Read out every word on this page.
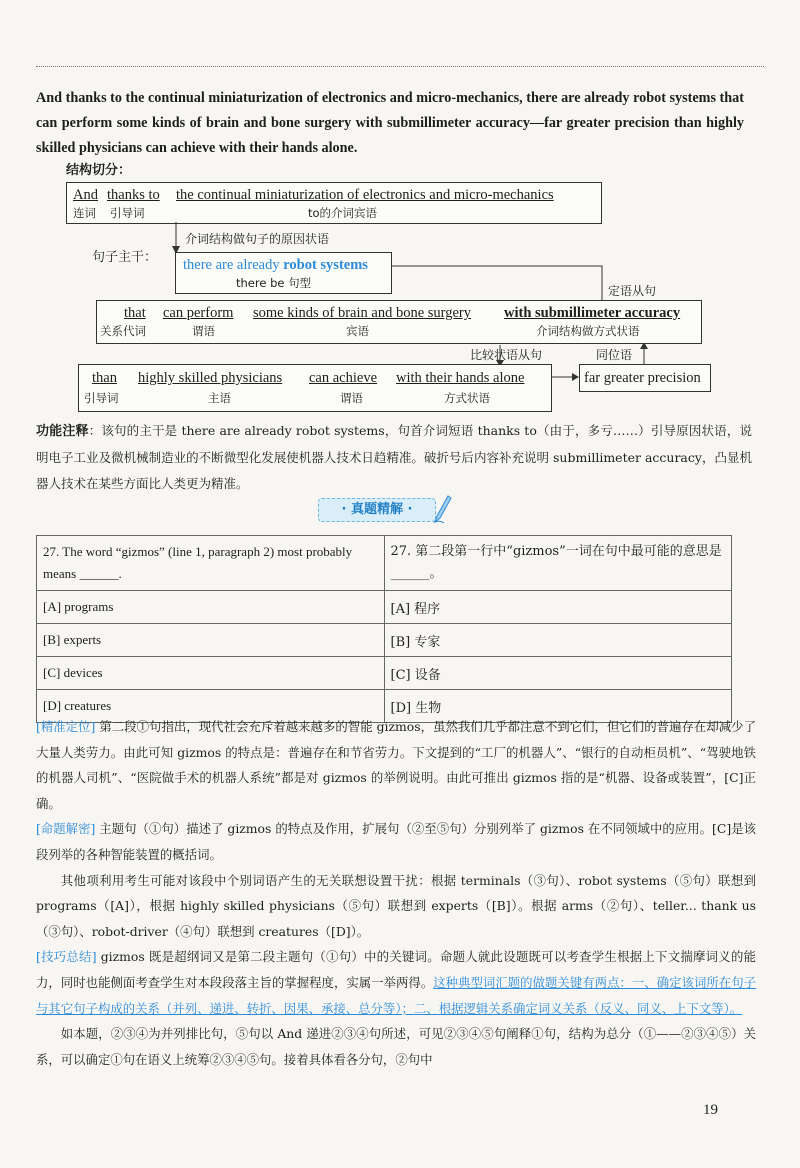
And thanks to the continual miniaturization of electronics and micro-mechanics, there are already robot systems that can perform some kinds of brain and bone surgery with submillimeter accuracy—far greater precision than highly skilled physicians can achieve with their hands alone.
结构切分：
And
连词
thanks to
引导词
the continual miniaturization of electronics and micro-mechanics
to的介词宾语
介词结构做句子的原因状语
句子主干： there are already robot systems
there be 句型
定语从句
that
关系代词
can perform
谓语
some kinds of brain and bone surgery
宾语
with submillimeter accuracy
介词结构做方式状语
比较状语从句	同位语
than
引导词
highly skilled physicians
主语
can achieve
谓语
with their hands alone
方式状语
far greater precision
功能注释：该句的主干是 there are already robot systems，句首介词短语 thanks to（由于，多亏……）引导原因状语，说明电子工业及微机械制造业的不断微型化发展使机器人技术日趋精准。破折号后内容补充说明 submillimeter accuracy，凸显机器人技术在某些方面比人类更为精准。
· 真题精解 ·
27. The word “gizmos” (line 1, paragraph 2) most probably means ______.	27. 第二段第一行中“gizmos”一词在句中最可能的意思是______。
[A] programs	[A] 程序
[B] experts	[B] 专家
[C] devices	[C] 设备
[D] creatures	[D] 生物
[精准定位] 第二段①句指出，现代社会充斥着越来越多的智能 gizmos，虽然我们几乎都注意不到它们，但它们的普遍存在却减少了大量人类劳力。由此可知 gizmos 的特点是：普遍存在和节省劳力。下文提到的“工厂的机器人”、“银行的自动柜员机”、“驾驶地铁的机器人司机”、“医院做手术的机器人系统”都是对 gizmos 的举例说明。由此可推出 gizmos 指的是“机器、设备或装置”，[C]正确。
[命题解密] 主题句（①句）描述了 gizmos 的特点及作用，扩展句（②至⑤句）分别列举了 gizmos 在不同领域中的应用。[C]是该段列举的各种智能装置的概括词。
其他项利用考生可能对该段中个别词语产生的无关联想设置干扰：根据 terminals（③句）、robot systems（⑤句）联想到 programs（[A]），根据 highly skilled physicians（⑤句）联想到 experts（[B]）。根据 arms（②句）、teller... thank us（③句）、robot-driver（④句）联想到 creatures（[D]）。
[技巧总结] gizmos 既是超纲词又是第二段主题句（①句）中的关键词。命题人就此设题既可以考查学生根据上下文揣摩词义的能力，同时也能侧面考查学生对本段段落主旨的掌握程度，实属一举两得。这种典型词汇题的做题关键有两点：一、确定该词所在句子与其它句子构成的关系（并列、递进、转折、因果、承接、总分等）；二、根据逻辑关系确定词义关系（反义、同义、上下文等）。
如本题，②③④为并列排比句，⑤句以 And 递进②③④句所述，可见②③④⑤句阐释①句，结构为总分（①——②③④⑤）关系，可以确定①句在语义上统筹②③④⑤句。接着具体看各分句，②句中
19
